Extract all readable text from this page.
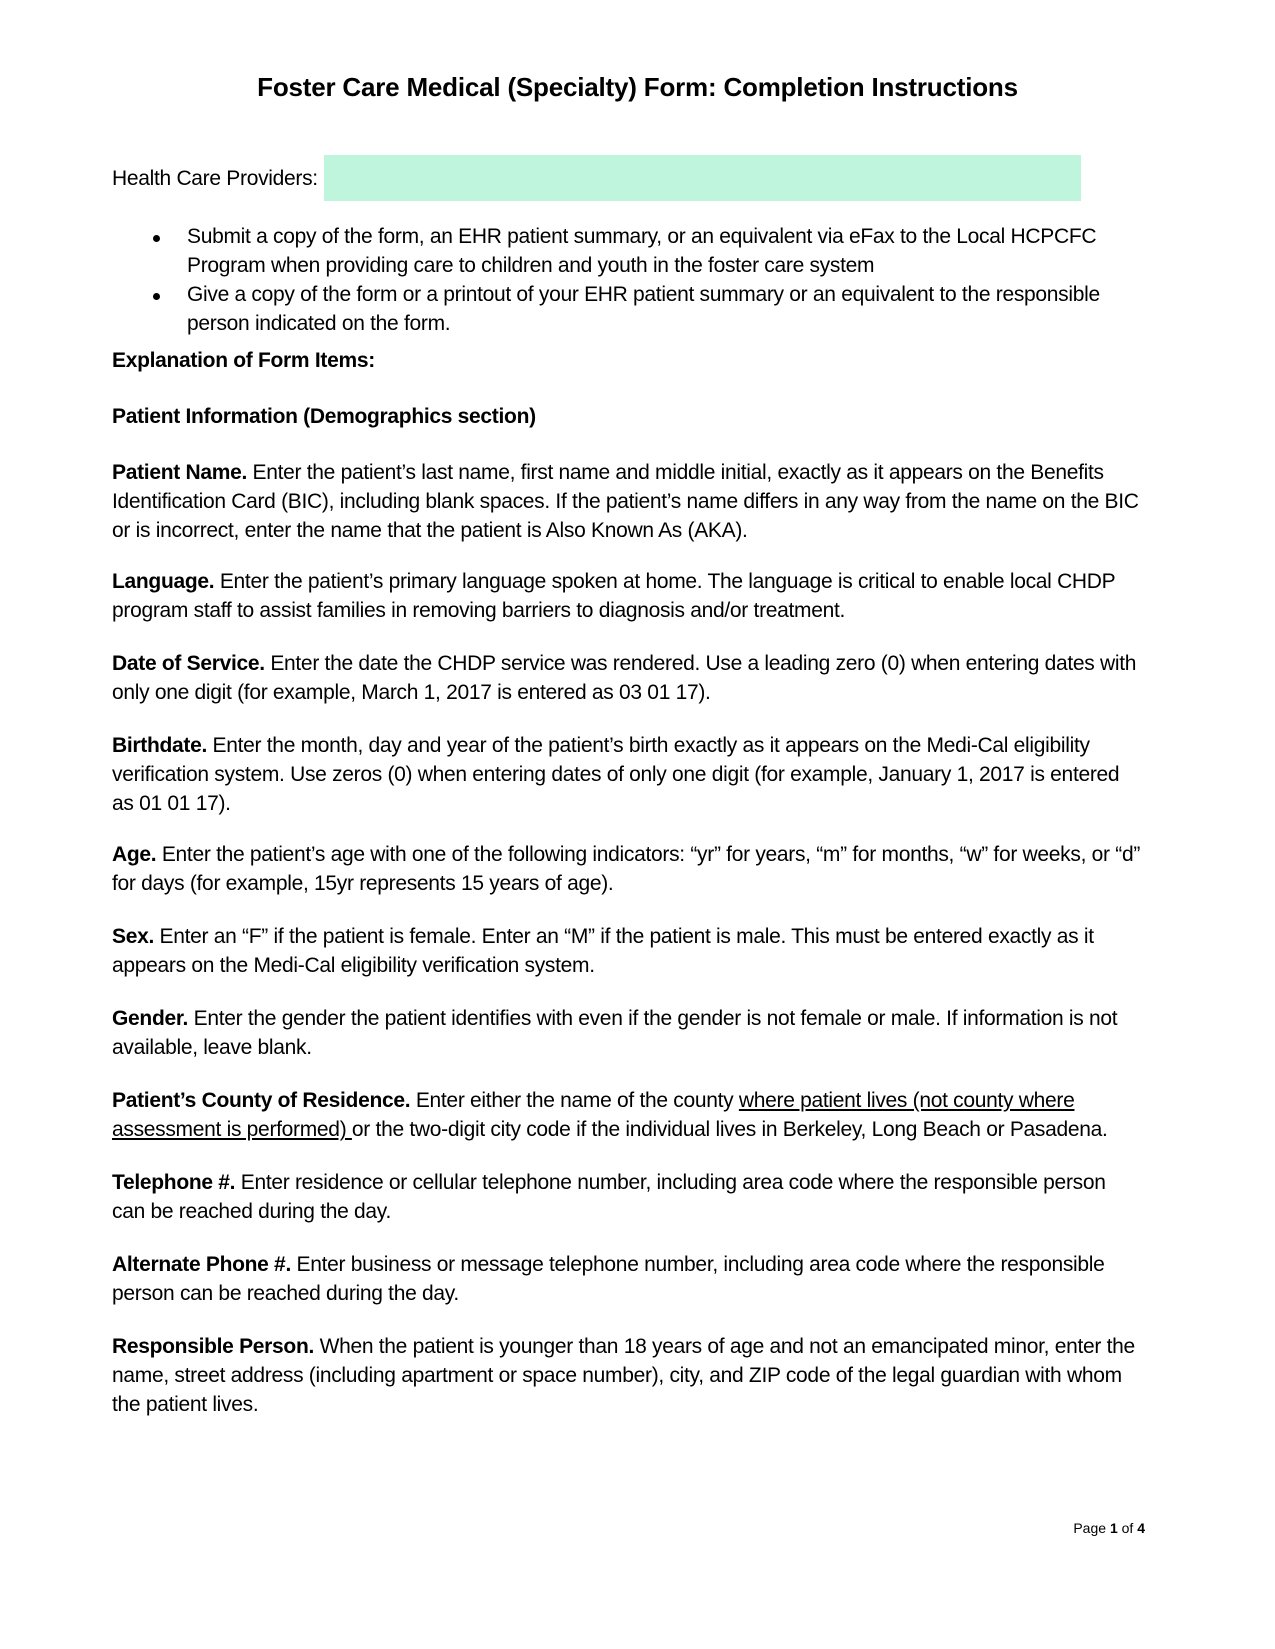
Foster Care Medical (Specialty) Form: Completion Instructions
Health Care Providers:
Submit a copy of the form, an EHR patient summary, or an equivalent via eFax to the Local HCPCFC Program when providing care to children and youth in the foster care system
Give a copy of the form or a printout of your EHR patient summary or an equivalent to the responsible person indicated on the form.
Explanation of Form Items:
Patient Information (Demographics section)
Patient Name. Enter the patient’s last name, first name and middle initial, exactly as it appears on the Benefits Identification Card (BIC), including blank spaces. If the patient’s name differs in any way from the name on the BIC or is incorrect, enter the name that the patient is Also Known As (AKA).
Language. Enter the patient’s primary language spoken at home. The language is critical to enable local CHDP program staff to assist families in removing barriers to diagnosis and/or treatment.
Date of Service. Enter the date the CHDP service was rendered. Use a leading zero (0) when entering dates with only one digit (for example, March 1, 2017 is entered as 03 01 17).
Birthdate. Enter the month, day and year of the patient’s birth exactly as it appears on the Medi-Cal eligibility verification system. Use zeros (0) when entering dates of only one digit (for example, January 1, 2017 is entered as 01 01 17).
Age. Enter the patient’s age with one of the following indicators: “yr” for years, “m” for months, “w” for weeks, or “d” for days (for example, 15yr represents 15 years of age).
Sex. Enter an “F” if the patient is female. Enter an “M” if the patient is male. This must be entered exactly as it appears on the Medi-Cal eligibility verification system.
Gender. Enter the gender the patient identifies with even if the gender is not female or male. If information is not available, leave blank.
Patient’s County of Residence. Enter either the name of the county where patient lives (not county where assessment is performed) or the two-digit city code if the individual lives in Berkeley, Long Beach or Pasadena.
Telephone #. Enter residence or cellular telephone number, including area code where the responsible person can be reached during the day.
Alternate Phone #. Enter business or message telephone number, including area code where the responsible person can be reached during the day.
Responsible Person. When the patient is younger than 18 years of age and not an emancipated minor, enter the name, street address (including apartment or space number), city, and ZIP code of the legal guardian with whom the patient lives.
Page 1 of 4
